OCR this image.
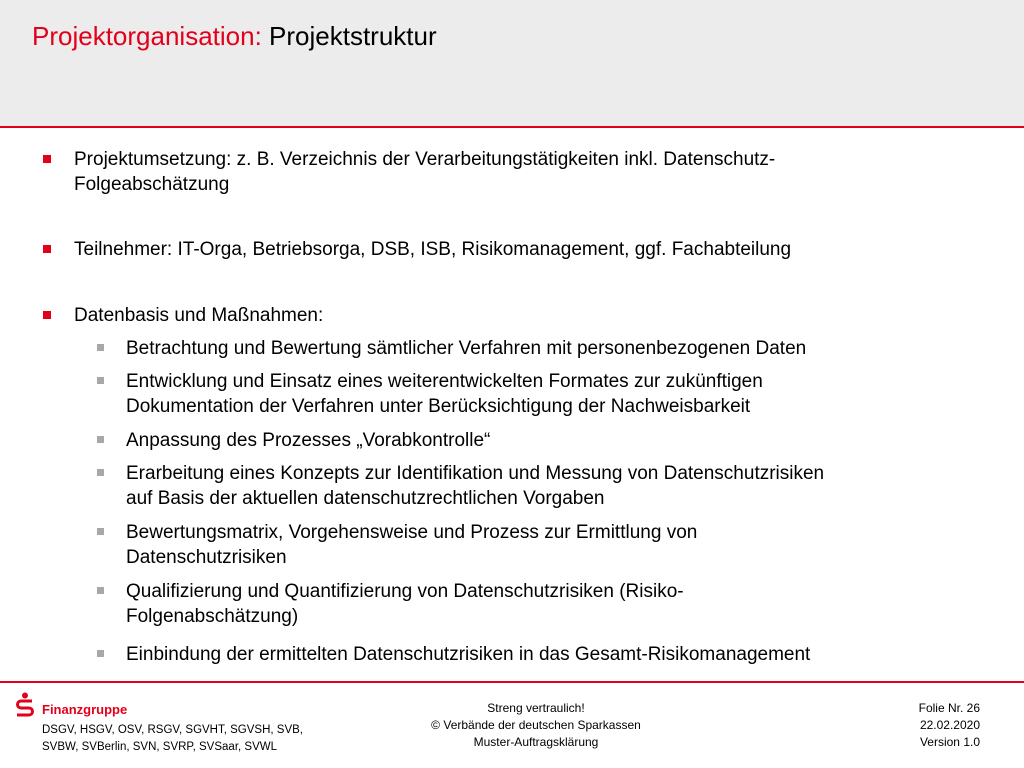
Projektorganisation: Projektstruktur
Projektumsetzung: z. B. Verzeichnis der Verarbeitungstätigkeiten inkl. Datenschutz-
Folgeabschätzung
Teilnehmer: IT-Orga, Betriebsorga, DSB, ISB, Risikomanagement, ggf. Fachabteilung
Datenbasis und Maßnahmen:
Betrachtung und Bewertung sämtlicher Verfahren mit personenbezogenen Daten
Entwicklung und Einsatz eines weiterentwickelten Formates zur zukünftigen
Dokumentation der Verfahren unter Berücksichtigung der Nachweisbarkeit
Anpassung des Prozesses „Vorabkontrolle“
Erarbeitung eines Konzepts zur Identifikation und Messung von Datenschutzrisiken
auf Basis der aktuellen datenschutzrechtlichen Vorgaben
Bewertungsmatrix, Vorgehensweise und Prozess zur Ermittlung von
Datenschutzrisiken
Qualifizierung und Quantifizierung von Datenschutzrisiken (Risiko-
Folgenabschätzung)
Einbindung der ermittelten Datenschutzrisiken in das Gesamt-Risikomanagement
Finanzgruppe
DSGV, HSGV, OSV, RSGV, SGVHT, SGVSH, SVB,
SVBW, SVBerlin, SVN, SVRP, SVSaar, SVWL
Streng vertraulich!
© Verbände der deutschen Sparkassen
Muster-Auftragsklärung
Folie Nr. 26
22.02.2020
Version 1.0
